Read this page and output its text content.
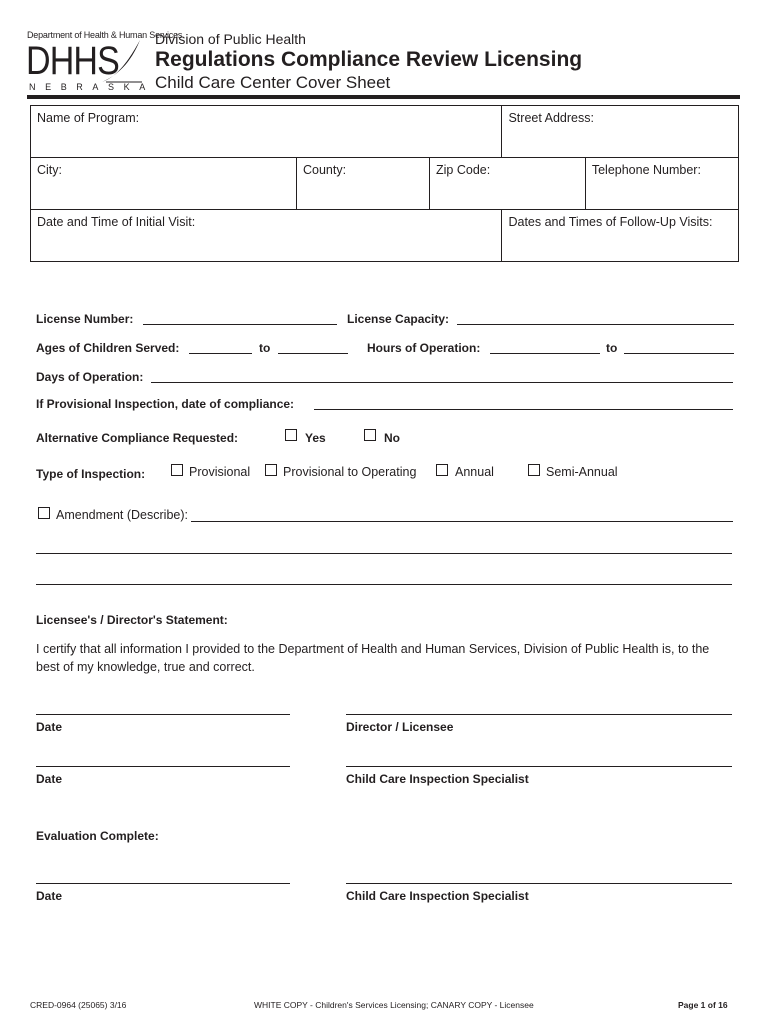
Department of Health & Human Services
DHHS
NEBRASKA
Division of Public Health
Regulations Compliance Review Licensing
Child Care Center Cover Sheet
Name of Program:			Street Address:	
City:	County:	Zip Code:		Telephone Number:
Date and Time of Initial Visit:			Dates and Times of Follow-Up Visits:	
License Number:	License Capacity:
Ages of Children Served:	to	Hours of Operation:	to
Days of Operation:
If Provisional Inspection, date of compliance:
Alternative Compliance Requested:	Yes	No
Type of Inspection:	Provisional	Provisional to Operating	Annual	Semi-Annual
Amendment (Describe):
Licensee's / Director's Statement:
I certify that all information I provided to the Department of Health and Human Services, Division of Public Health is, to the best of my knowledge, true and correct.
Date	Director / Licensee
Date	Child Care Inspection Specialist
Evaluation Complete:
Date	Child Care Inspection Specialist
CRED-0964 (25065) 3/16	WHITE COPY - Children's Services Licensing; CANARY COPY - Licensee	Page 1 of 16
